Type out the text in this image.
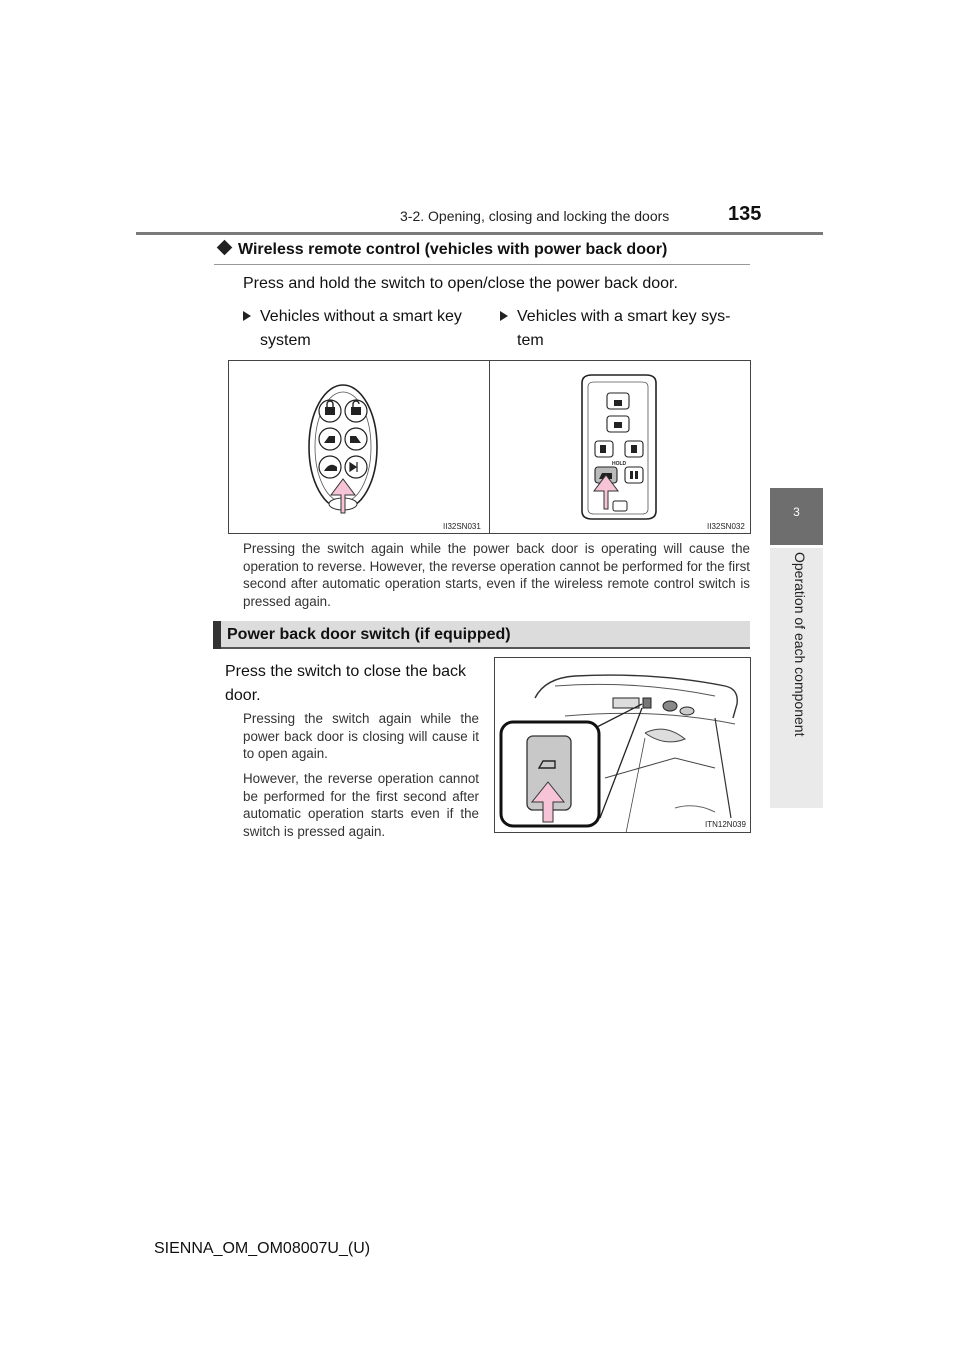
3-2. Opening, closing and locking the doors	135
3
Operation of each component
Wireless remote control (vehicles with power back door)
Press and hold the switch to open/close the power back door.
Vehicles without a smart key
system
Vehicles with a smart key sys-
tem
II32SN031
HOLD
II32SN032
Pressing the switch again while the power back door is operating will cause the operation to reverse. However, the reverse operation cannot be performed for the first second after automatic operation starts, even if the wireless remote control switch is pressed again.
Power back door switch (if equipped)
Press the switch to close the back door.
Pressing the switch again while the power back door is closing will cause it to open again.
However, the reverse operation cannot be performed for the first second after automatic operation starts even if the switch is pressed again.	ITN12N039
SIENNA_OM_OM08007U_(U)
